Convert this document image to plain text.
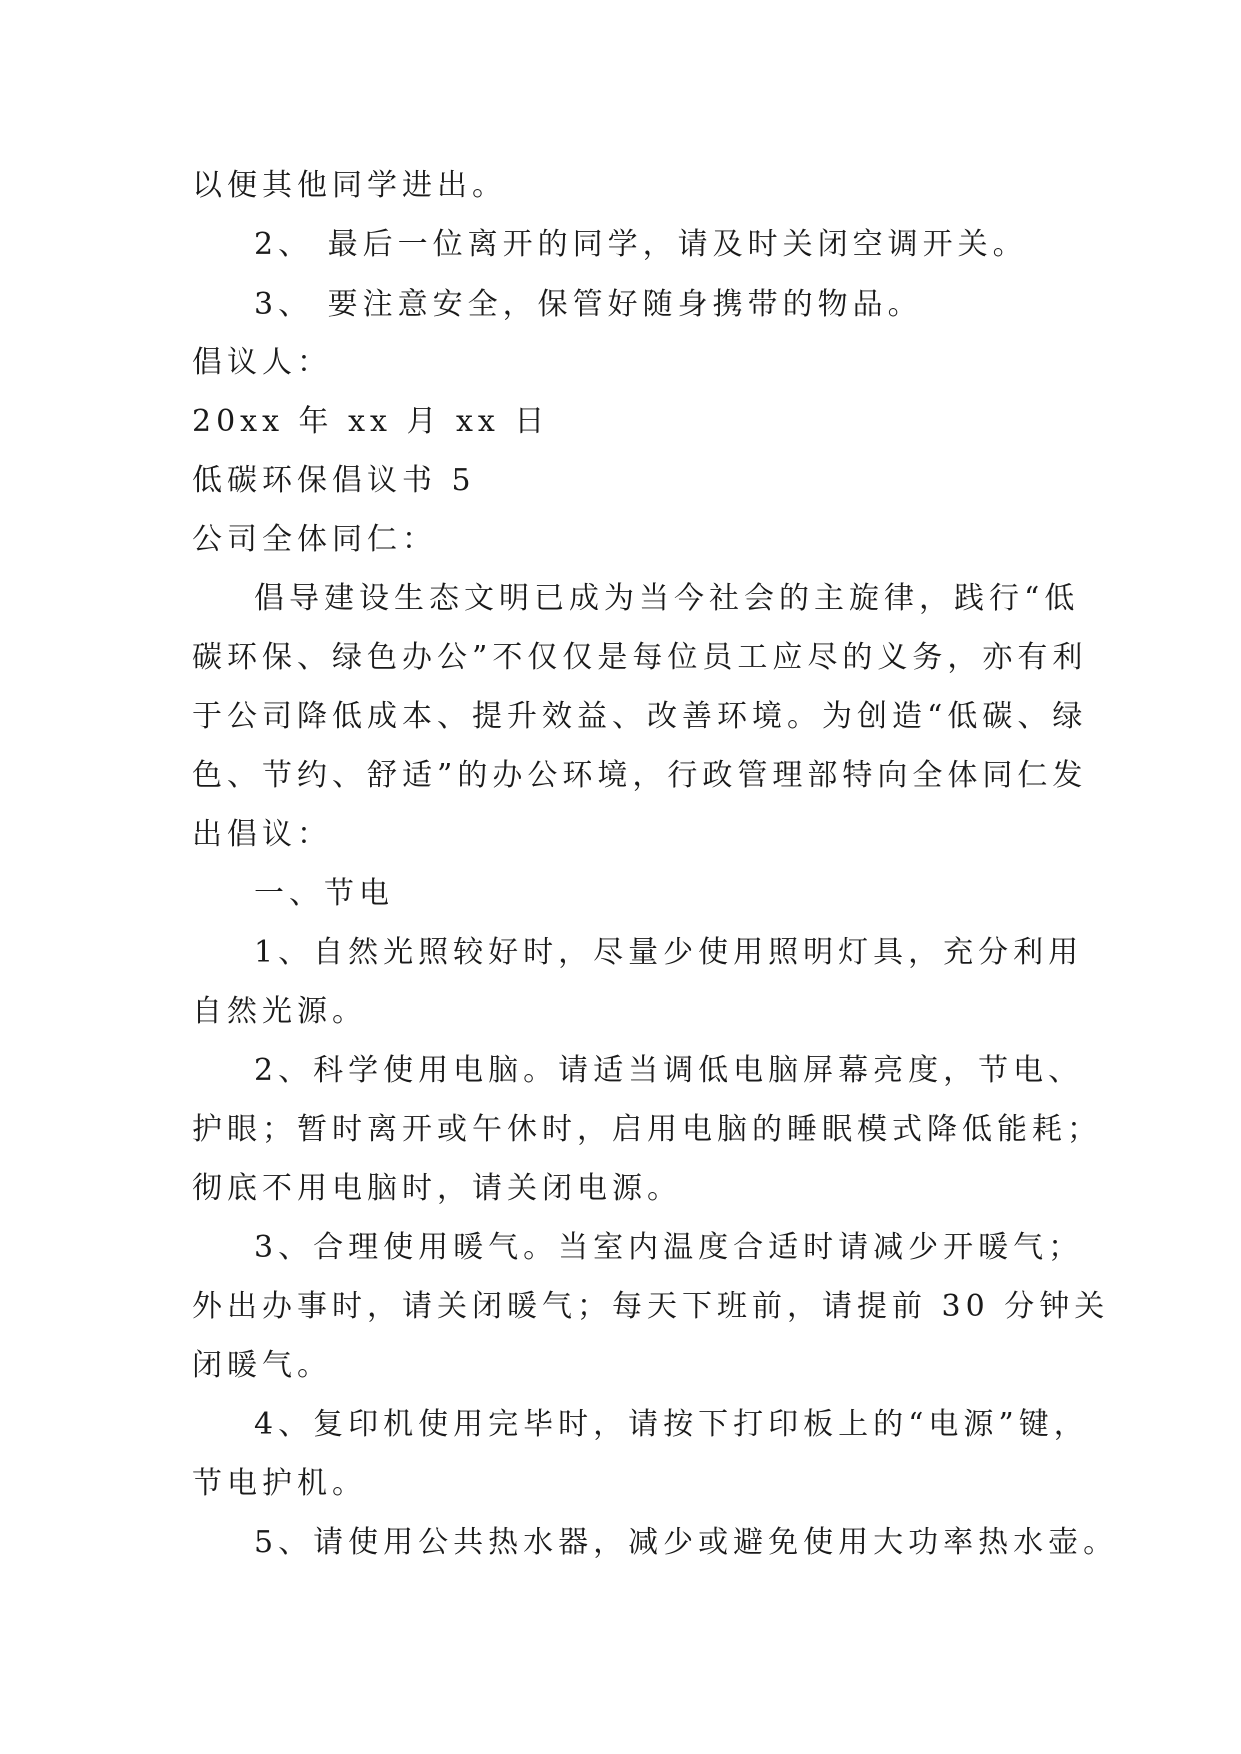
以便其他同学进出。
2、 最后一位离开的同学，请及时关闭空调开关。
3、 要注意安全，保管好随身携带的物品。
倡议人：
20xx 年 xx 月 xx 日
低碳环保倡议书 5
公司全体同仁：
倡导建设生态文明已成为当今社会的主旋律，践行“低
碳环保、绿色办公”不仅仅是每位员工应尽的义务，亦有利
于公司降低成本、提升效益、改善环境。为创造“低碳、绿
色、节约、舒适”的办公环境，行政管理部特向全体同仁发
出倡议：
一、节电
1、自然光照较好时，尽量少使用照明灯具，充分利用
自然光源。
2、科学使用电脑。请适当调低电脑屏幕亮度，节电、
护眼；暂时离开或午休时，启用电脑的睡眠模式降低能耗；
彻底不用电脑时，请关闭电源。
3、合理使用暖气。当室内温度合适时请减少开暖气；
外出办事时，请关闭暖气；每天下班前，请提前 30 分钟关
闭暖气。
4、复印机使用完毕时，请按下打印板上的“电源”键，
节电护机。
5、请使用公共热水器，减少或避免使用大功率热水壶。
